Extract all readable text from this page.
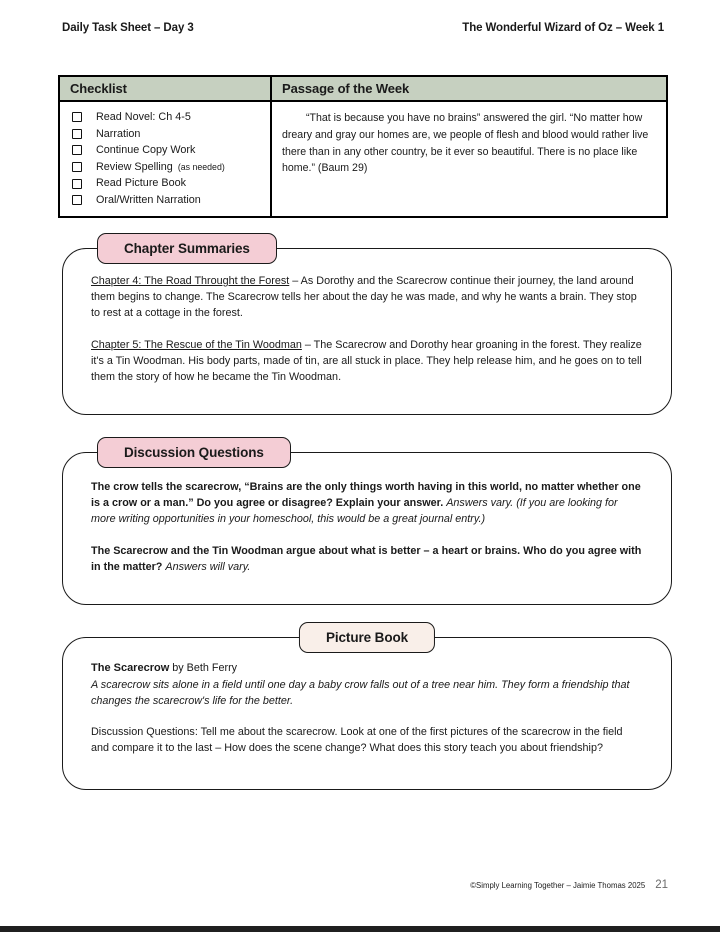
Daily Task Sheet – Day 3	The Wonderful Wizard of Oz – Week 1
Checklist	Passage of the Week

Read Novel: Ch 4-5
Narration
Continue Copy Work
Review Spelling (as needed)
Read Picture Book
Oral/Written Narration

“That is because you have no brains” answered the girl. “No matter how dreary and gray our homes are, we people of flesh and blood would rather live there than in any other country, be it ever so beautiful. There is no place like home.” (Baum 29)

Chapter Summaries

Chapter 4: The Road Throught the Forest – As Dorothy and the Scarecrow continue their journey, the land around them begins to change. The Scarecrow tells her about the day he was made, and why he wants a brain. They stop to rest at a cottage in the forest.

Chapter 5: The Rescue of the Tin Woodman – The Scarecrow and Dorothy hear groaning in the forest. They realize it's a Tin Woodman. His body parts, made of tin, are all stuck in place. They help release him, and he goes on to tell them the story of how he became the Tin Woodman.

Discussion Questions

The crow tells the scarecrow, “Brains are the only things worth having in this world, no matter whether one is a crow or a man.” Do you agree or disagree? Explain your answer. Answers vary. (If you are looking for more writing opportunities in your homeschool, this would be a great journal entry.)

The Scarecrow and the Tin Woodman argue about what is better – a heart or brains. Who do you agree with in the matter? Answers will vary.

Picture Book

The Scarecrow by Beth Ferry

A scarecrow sits alone in a field until one day a baby crow falls out of a tree near him. They form a friendship that changes the scarecrow's life for the better.

Discussion Questions: Tell me about the scarecrow. Look at one of the first pictures of the scarecrow in the field and compare it to the last – How does the scene change? What does this story teach you about friendship?

©Simply Learning Together – Jaimie Thomas 2025 21
